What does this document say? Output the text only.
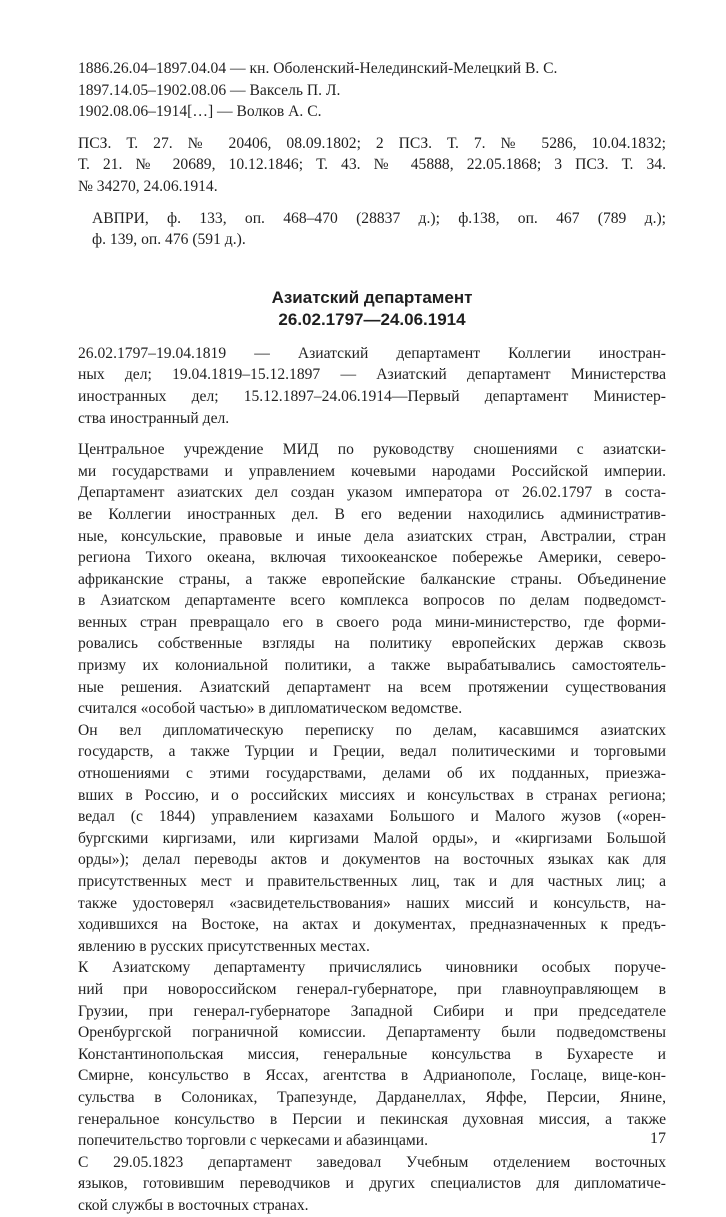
1886.26.04–1897.04.04 — кн. Оболенский-Нелединский-Мелецкий В. С.
1897.14.05–1902.08.06 — Ваксель П. Л.
1902.08.06–1914[…] — Волков А. С.
ПСЗ. Т. 27. № 20406, 08.09.1802; 2 ПСЗ. Т. 7. № 5286, 10.04.1832;
Т. 21. № 20689, 10.12.1846; Т. 43. № 45888, 22.05.1868; 3 ПСЗ. Т. 34.
№ 34270, 24.06.1914.
АВПРИ, ф. 133, оп. 468–470 (28837 д.); ф.138, оп. 467 (789 д.);
ф. 139, оп. 476 (591 д.).
Азиатский департамент
26.02.1797—24.06.1914
26.02.1797–19.04.1819 — Азиатский департамент Коллегии иностран-
ных дел; 19.04.1819–15.12.1897 — Азиатский департамент Министерства
иностранных дел; 15.12.1897–24.06.1914—Первый департамент Министер-
ства иностранный дел.
Центральное учреждение МИД по руководству сношениями с азиатски-
ми государствами и управлением кочевыми народами Российской империи.
Департамент азиатских дел создан указом императора от 26.02.1797 в соста-
ве Коллегии иностранных дел. В его ведении находились административ-
ные, консульские, правовые и иные дела азиатских стран, Австралии, стран
региона Тихого океана, включая тихоокеанское побережье Америки, северо-
африканские страны, а также европейские балканские страны. Объединение
в Азиатском департаменте всего комплекса вопросов по делам подведомст-
венных стран превращало его в своего рода мини-министерство, где форми-
ровались собственные взгляды на политику европейских держав сквозь
призму их колониальной политики, а также вырабатывались самостоятель-
ные решения. Азиатский департамент на всем протяжении существования
считался «особой частью» в дипломатическом ведомстве.
Он вел дипломатическую переписку по делам, касавшимся азиатских
государств, а также Турции и Греции, ведал политическими и торговыми
отношениями с этими государствами, делами об их подданных, приезжа-
вших в Россию, и о российских миссиях и консульствах в странах региона;
ведал (с 1844) управлением казахами Большого и Малого жузов («орен-
бургскими киргизами, или киргизами Малой орды», и «киргизами Большой
орды»); делал переводы актов и документов на восточных языках как для
присутственных мест и правительственных лиц, так и для частных лиц; а
также удостоверял «засвидетельствования» наших миссий и консульств, на-
ходившихся на Востоке, на актах и документах, предназначенных к предъ-
явлению в русских присутственных местах.
К Азиатскому департаменту причислялись чиновники особых поруче-
ний при новороссийском генерал-губернаторе, при главноуправляющем в
Грузии, при генерал-губернаторе Западной Сибири и при председателе
Оренбургской пограничной комиссии. Департаменту были подведомствены
Константинопольская миссия, генеральные консульства в Бухаресте и
Смирне, консульство в Яссах, агентства в Адрианополе, Гослаце, вице-кон-
сульства в Солониках, Трапезунде, Дарданеллах, Яффе, Персии, Янине,
генеральное консульство в Персии и пекинская духовная миссия, а также
попечительство торговли с черкесами и абазинцами.
С 29.05.1823 департамент заведовал Учебным отделением восточных
языков, готовившим переводчиков и других специалистов для дипломатиче-
ской службы в восточных странах.
17
